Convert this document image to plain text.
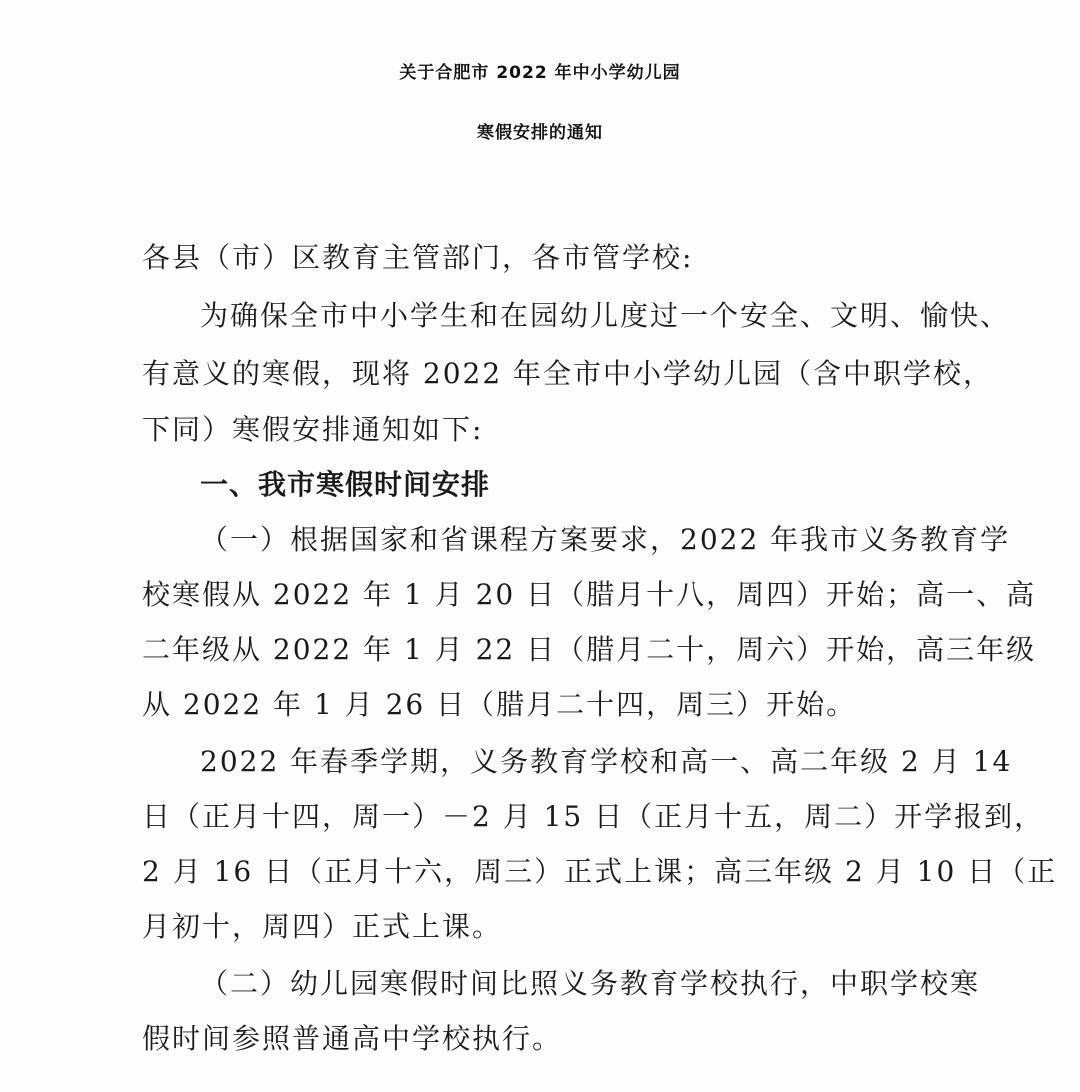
关于合肥市 2022 年中小学幼儿园
寒假安排的通知
各县（市）区教育主管部门，各市管学校:
为确保全市中小学生和在园幼儿度过一个安全、文明、愉快、
有意义的寒假，现将 2022 年全市中小学幼儿园（含中职学校，
下同）寒假安排通知如下:
一、我市寒假时间安排
（一）根据国家和省课程方案要求，2022 年我市义务教育学
校寒假从 2022 年 1 月 20 日（腊月十八，周四）开始；高一、高
二年级从 2022 年 1 月 22 日（腊月二十，周六）开始，高三年级
从 2022 年 1 月 26 日（腊月二十四，周三）开始。
2022 年春季学期，义务教育学校和高一、高二年级 2 月 14
日（正月十四，周一）－2 月 15 日（正月十五，周二）开学报到，
2 月 16 日（正月十六，周三）正式上课；高三年级 2 月 10 日（正
月初十，周四）正式上课。
（二）幼儿园寒假时间比照义务教育学校执行，中职学校寒
假时间参照普通高中学校执行。
